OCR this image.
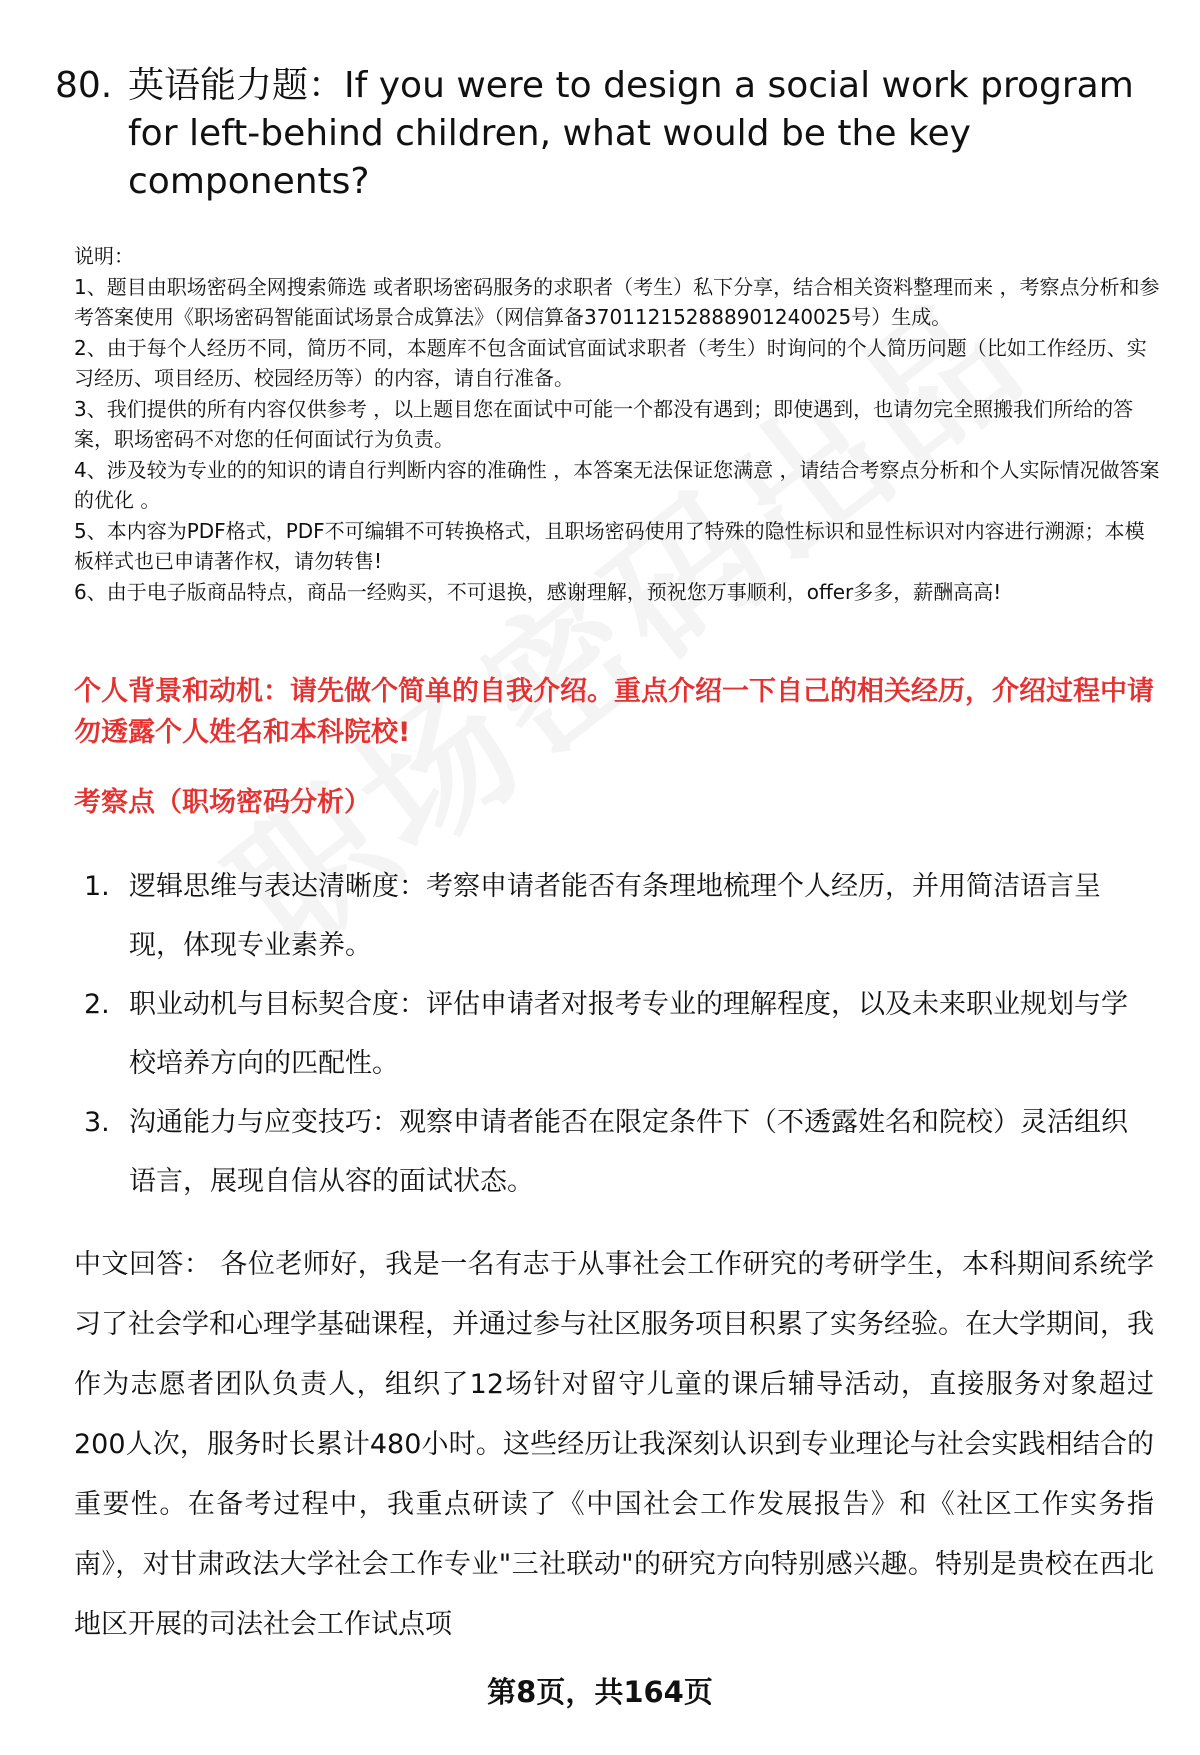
80. 英语能力题：If you were to design a social work program for left-behind children, what would be the key components?

说明：

1、题目由职场密码全网搜索筛选 或者职场密码服务的求职者（考生）私下分享，结合相关资料整理而来 ，考察点分析和参考答案使用《职场密码智能面试场景合成算法》（网信算备370112152888901240025号）生成。

2、由于每个人经历不同，简历不同，本题库不包含面试官面试求职者（考生）时询问的个人简历问题（比如工作经历、实习经历、项目经历、校园经历等）的内容，请自行准备。

3、我们提供的所有内容仅供参考 ，以上题目您在面试中可能一个都没有遇到；即使遇到，也请勿完全照搬我们所给的答案，职场密码不对您的任何面试行为负责。

4、涉及较为专业的的知识的请自行判断内容的准确性 ，本答案无法保证您满意 ，请结合考察点分析和个人实际情况做答案的优化 。

5、本内容为PDF格式，PDF不可编辑不可转换格式，且职场密码使用了特殊的隐性标识和显性标识对内容进行溯源；本模板样式也已申请著作权，请勿转售!

6、由于电子版商品特点，商品一经购买，不可退换，感谢理解，预祝您万事顺利，offer多多，薪酬高高!

个人背景和动机：请先做个简单的自我介绍。重点介绍一下自己的相关经历，介绍过程中请勿透露个人姓名和本科院校!
考察点（职场密码分析）
1. 逻辑思维与表达清晰度：考察申请者能否有条理地梳理个人经历，并用简洁语言呈现，体现专业素养。
2. 职业动机与目标契合度：评估申请者对报考专业的理解程度，以及未来职业规划与学校培养方向的匹配性。
3. 沟通能力与应变技巧：观察申请者能否在限定条件下（不透露姓名和院校）灵活组织语言，展现自信从容的面试状态。

中文回答： 各位老师好，我是一名有志于从事社会工作研究的考研学生，本科期间系统学习了社会学和心理学基础课程，并通过参与社区服务项目积累了实务经验。在大学期间，我作为志愿者团队负责人，组织了12场针对留守儿童的课后辅导活动，直接服务对象超过200人次，服务时长累计480小时。这些经历让我深刻认识到专业理论与社会实践相结合的重要性。在备考过程中，我重点研读了《中国社会工作发展报告》和《社区工作实务指南》，对甘肃政法大学社会工作专业"三社联动"的研究方向特别感兴趣。特别是贵校在西北地区开展的司法社会工作试点项

第8页，共164页
